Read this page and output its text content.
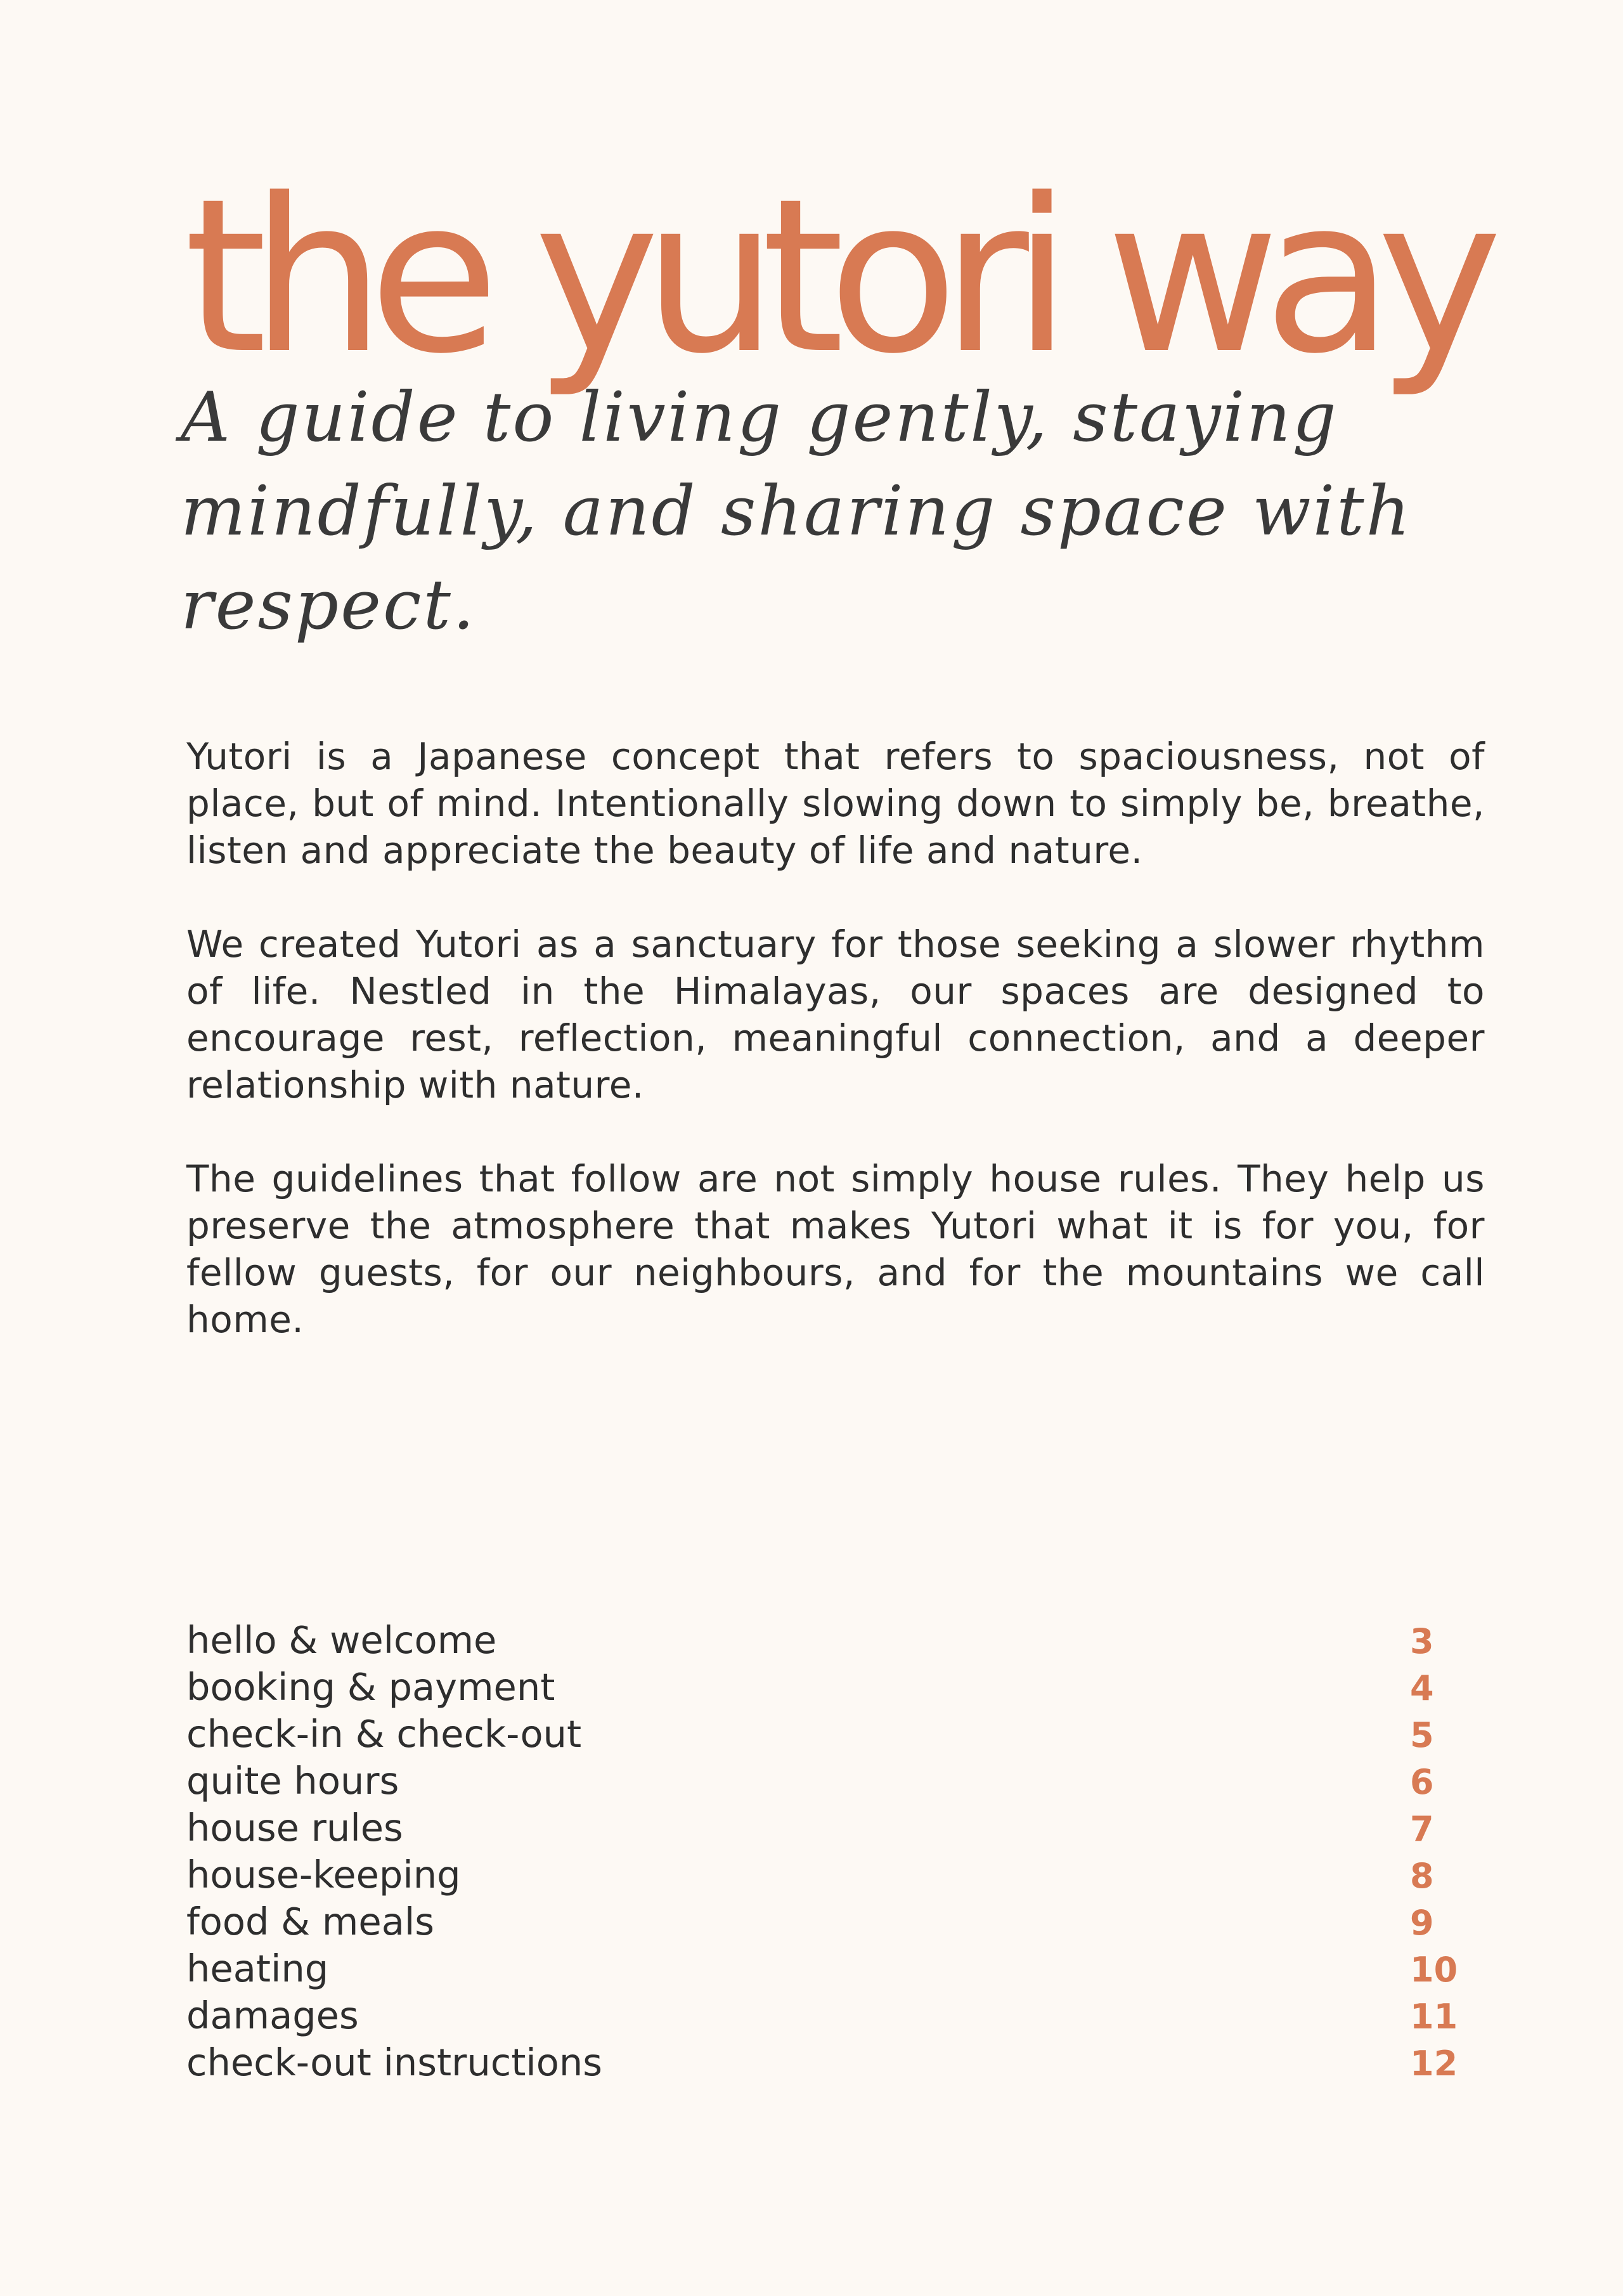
the yutori way

A guide to living gently, staying mindfully, and sharing space with respect.

Yutori is a Japanese concept that refers to spaciousness, not of place, but of mind. Intentionally slowing down to simply be, breathe, listen and appreciate the beauty of life and nature.

We created Yutori as a sanctuary for those seeking a slower rhythm of life. Nestled in the Himalayas, our spaces are designed to encourage rest, reflection, meaningful connection, and a deeper relationship with nature.

The guidelines that follow are not simply house rules. They help us preserve the atmosphere that makes Yutori what it is for you, for fellow guests, for our neighbours, and for the mountains we call home.

hello & welcome	3
booking & payment	4
check-in & check-out	5
quite hours	6
house rules	7
house-keeping	8
food & meals	9
heating	10
damages	11
check-out instructions	12
